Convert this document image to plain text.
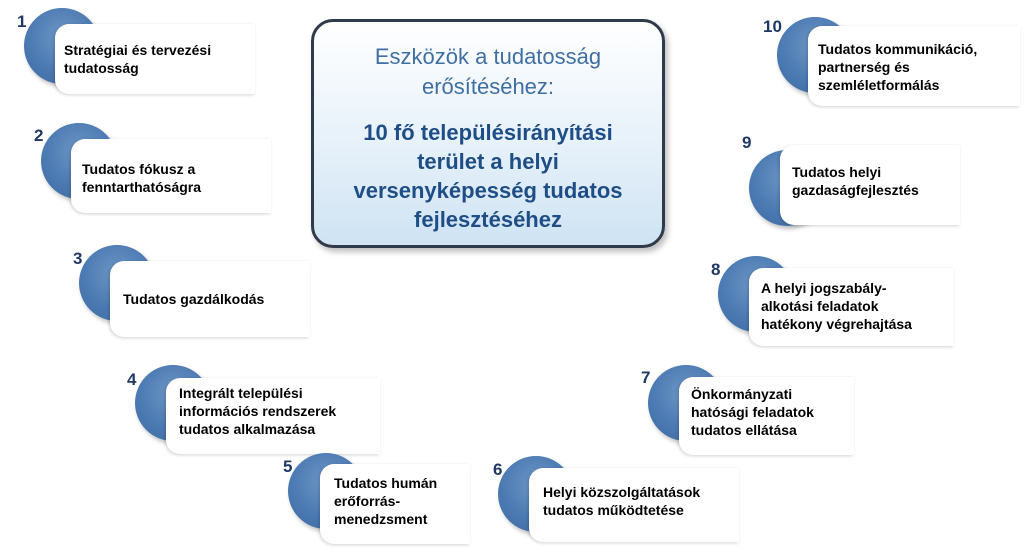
Eszközök a tudatosság erősítéséhez:
10 fő településirányítási terület a helyi versenyképesség tudatos fejlesztéséhez
1
Stratégiai és tervezési
tudatosság
2
Tudatos fókusz a
fenntarthatóságra
3
Tudatos gazdálkodás
4
Integrált települési
információs rendszerek
tudatos alkalmazása
5
Tudatos humán
erőforrás-
menedzsment
6
Helyi közszolgáltatások
tudatos működtetése
7
Önkormányzati
hatósági feladatok
tudatos ellátása
8
A helyi jogszabály-
alkotási feladatok
hatékony végrehajtása
9
Tudatos helyi
gazdaságfejlesztés
10
Tudatos kommunikáció,
partnerség és
szemléletformálás
